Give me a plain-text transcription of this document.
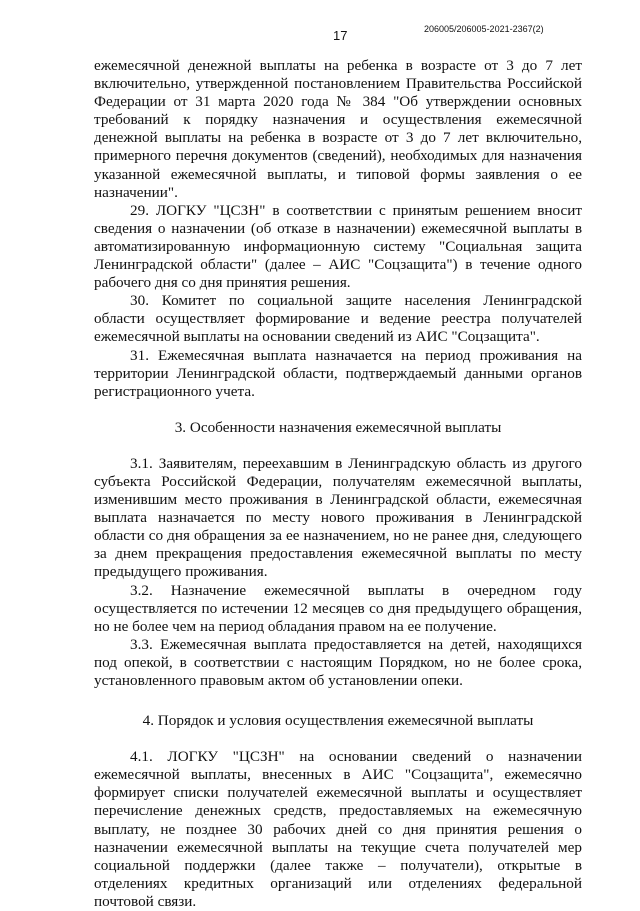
17	206005/206005-2021-2367(2)

ежемесячной денежной выплаты на ребенка в возрасте от 3 до 7 лет включительно, утвержденной постановлением Правительства Российской Федерации от 31 марта 2020 года № 384 "Об утверждении основных требований к порядку назначения и осуществления ежемесячной денежной выплаты на ребенка в возрасте от 3 до 7 лет включительно, примерного перечня документов (сведений), необходимых для назначения указанной ежемесячной выплаты, и типовой формы заявления о ее назначении".

29. ЛОГКУ "ЦСЗН" в соответствии с принятым решением вносит сведения о назначении (об отказе в назначении) ежемесячной выплаты в автоматизированную информационную систему "Социальная защита Ленинградской области" (далее – АИС "Соцзащита") в течение одного рабочего дня со дня принятия решения.

30. Комитет по социальной защите населения Ленинградской области осуществляет формирование и ведение реестра получателей ежемесячной выплаты на основании сведений из АИС "Соцзащита".

31. Ежемесячная выплата назначается на период проживания на территории Ленинградской области, подтверждаемый данными органов регистрационного учета.

3. Особенности назначения ежемесячной выплаты

3.1. Заявителям, переехавшим в Ленинградскую область из другого субъекта Российской Федерации, получателям ежемесячной выплаты, изменившим место проживания в Ленинградской области, ежемесячная выплата назначается по месту нового проживания в Ленинградской области со дня обращения за ее назначением, но не ранее дня, следующего за днем прекращения предоставления ежемесячной выплаты по месту предыдущего проживания.

3.2. Назначение ежемесячной выплаты в очередном году осуществляется по истечении 12 месяцев со дня предыдущего обращения, но не более чем на период обладания правом на ее получение.

3.3. Ежемесячная выплата предоставляется на детей, находящихся под опекой, в соответствии с настоящим Порядком, но не более срока, установленного правовым актом об установлении опеки.

4. Порядок и условия осуществления ежемесячной выплаты

4.1. ЛОГКУ "ЦСЗН" на основании сведений о назначении ежемесячной выплаты, внесенных в АИС "Соцзащита", ежемесячно формирует списки получателей ежемесячной выплаты и осуществляет перечисление денежных средств, предоставляемых на ежемесячную выплату, не позднее 30 рабочих дней со дня принятия решения о назначении ежемесячной выплаты на текущие счета получателей мер социальной поддержки (далее также – получатели), открытые в отделениях кредитных организаций или отделениях федеральной почтовой связи.
